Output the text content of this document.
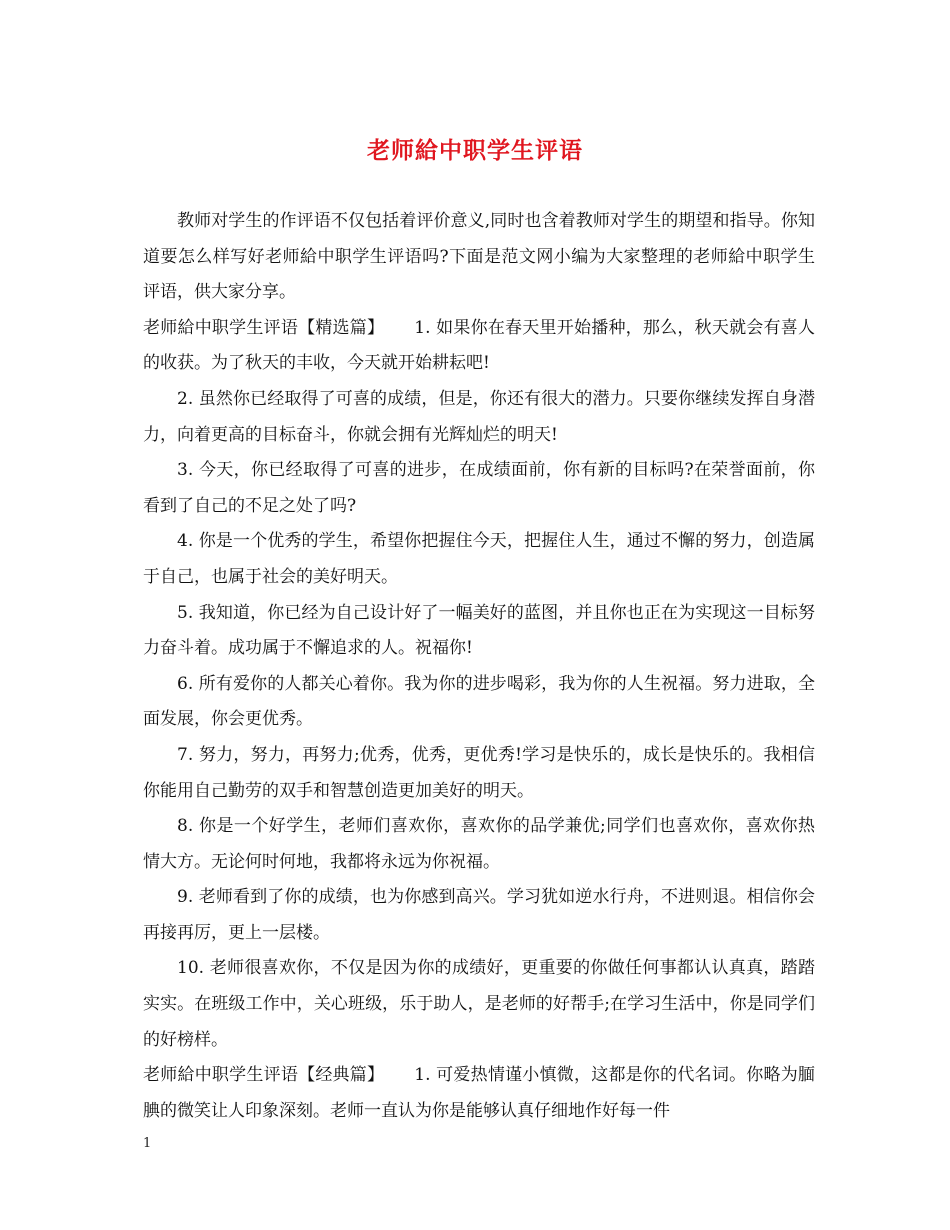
老师給中职学生评语

教师对学生的作评语不仅包括着评价意义,同时也含着教师对学生的期望和指导。你知道要怎么样写好老师給中职学生评语吗?下面是范文网小编为大家整理的老师給中职学生评语，供大家分享。

老师給中职学生评语【精选篇】 1. 如果你在春天里开始播种，那么，秋天就会有喜人的收获。为了秋天的丰收，今天就开始耕耘吧!

2. 虽然你已经取得了可喜的成绩，但是，你还有很大的潜力。只要你继续发挥自身潜力，向着更高的目标奋斗，你就会拥有光辉灿烂的明天!

3. 今天，你已经取得了可喜的进步，在成绩面前，你有新的目标吗?在荣誉面前，你看到了自己的不足之处了吗?

4. 你是一个优秀的学生，希望你把握住今天，把握住人生，通过不懈的努力，创造属于自己，也属于社会的美好明天。

5. 我知道，你已经为自己设计好了一幅美好的蓝图，并且你也正在为实现这一目标努力奋斗着。成功属于不懈追求的人。祝福你!

6. 所有爱你的人都关心着你。我为你的进步喝彩，我为你的人生祝福。努力进取，全面发展，你会更优秀。

7. 努力，努力，再努力;优秀，优秀，更优秀!学习是快乐的，成长是快乐的。我相信你能用自己勤劳的双手和智慧创造更加美好的明天。

8. 你是一个好学生，老师们喜欢你，喜欢你的品学兼优;同学们也喜欢你，喜欢你热情大方。无论何时何地，我都将永远为你祝福。

9. 老师看到了你的成绩，也为你感到高兴。学习犹如逆水行舟，不进则退。相信你会再接再厉，更上一层楼。

10. 老师很喜欢你，不仅是因为你的成绩好，更重要的你做任何事都认认真真，踏踏实实。在班级工作中，关心班级，乐于助人，是老师的好帮手;在学习生活中，你是同学们的好榜样。

老师給中职学生评语【经典篇】 1. 可爱热情谨小慎微，这都是你的代名词。你略为腼腆的微笑让人印象深刻。老师一直认为你是能够认真仔细地作好每一件

1
